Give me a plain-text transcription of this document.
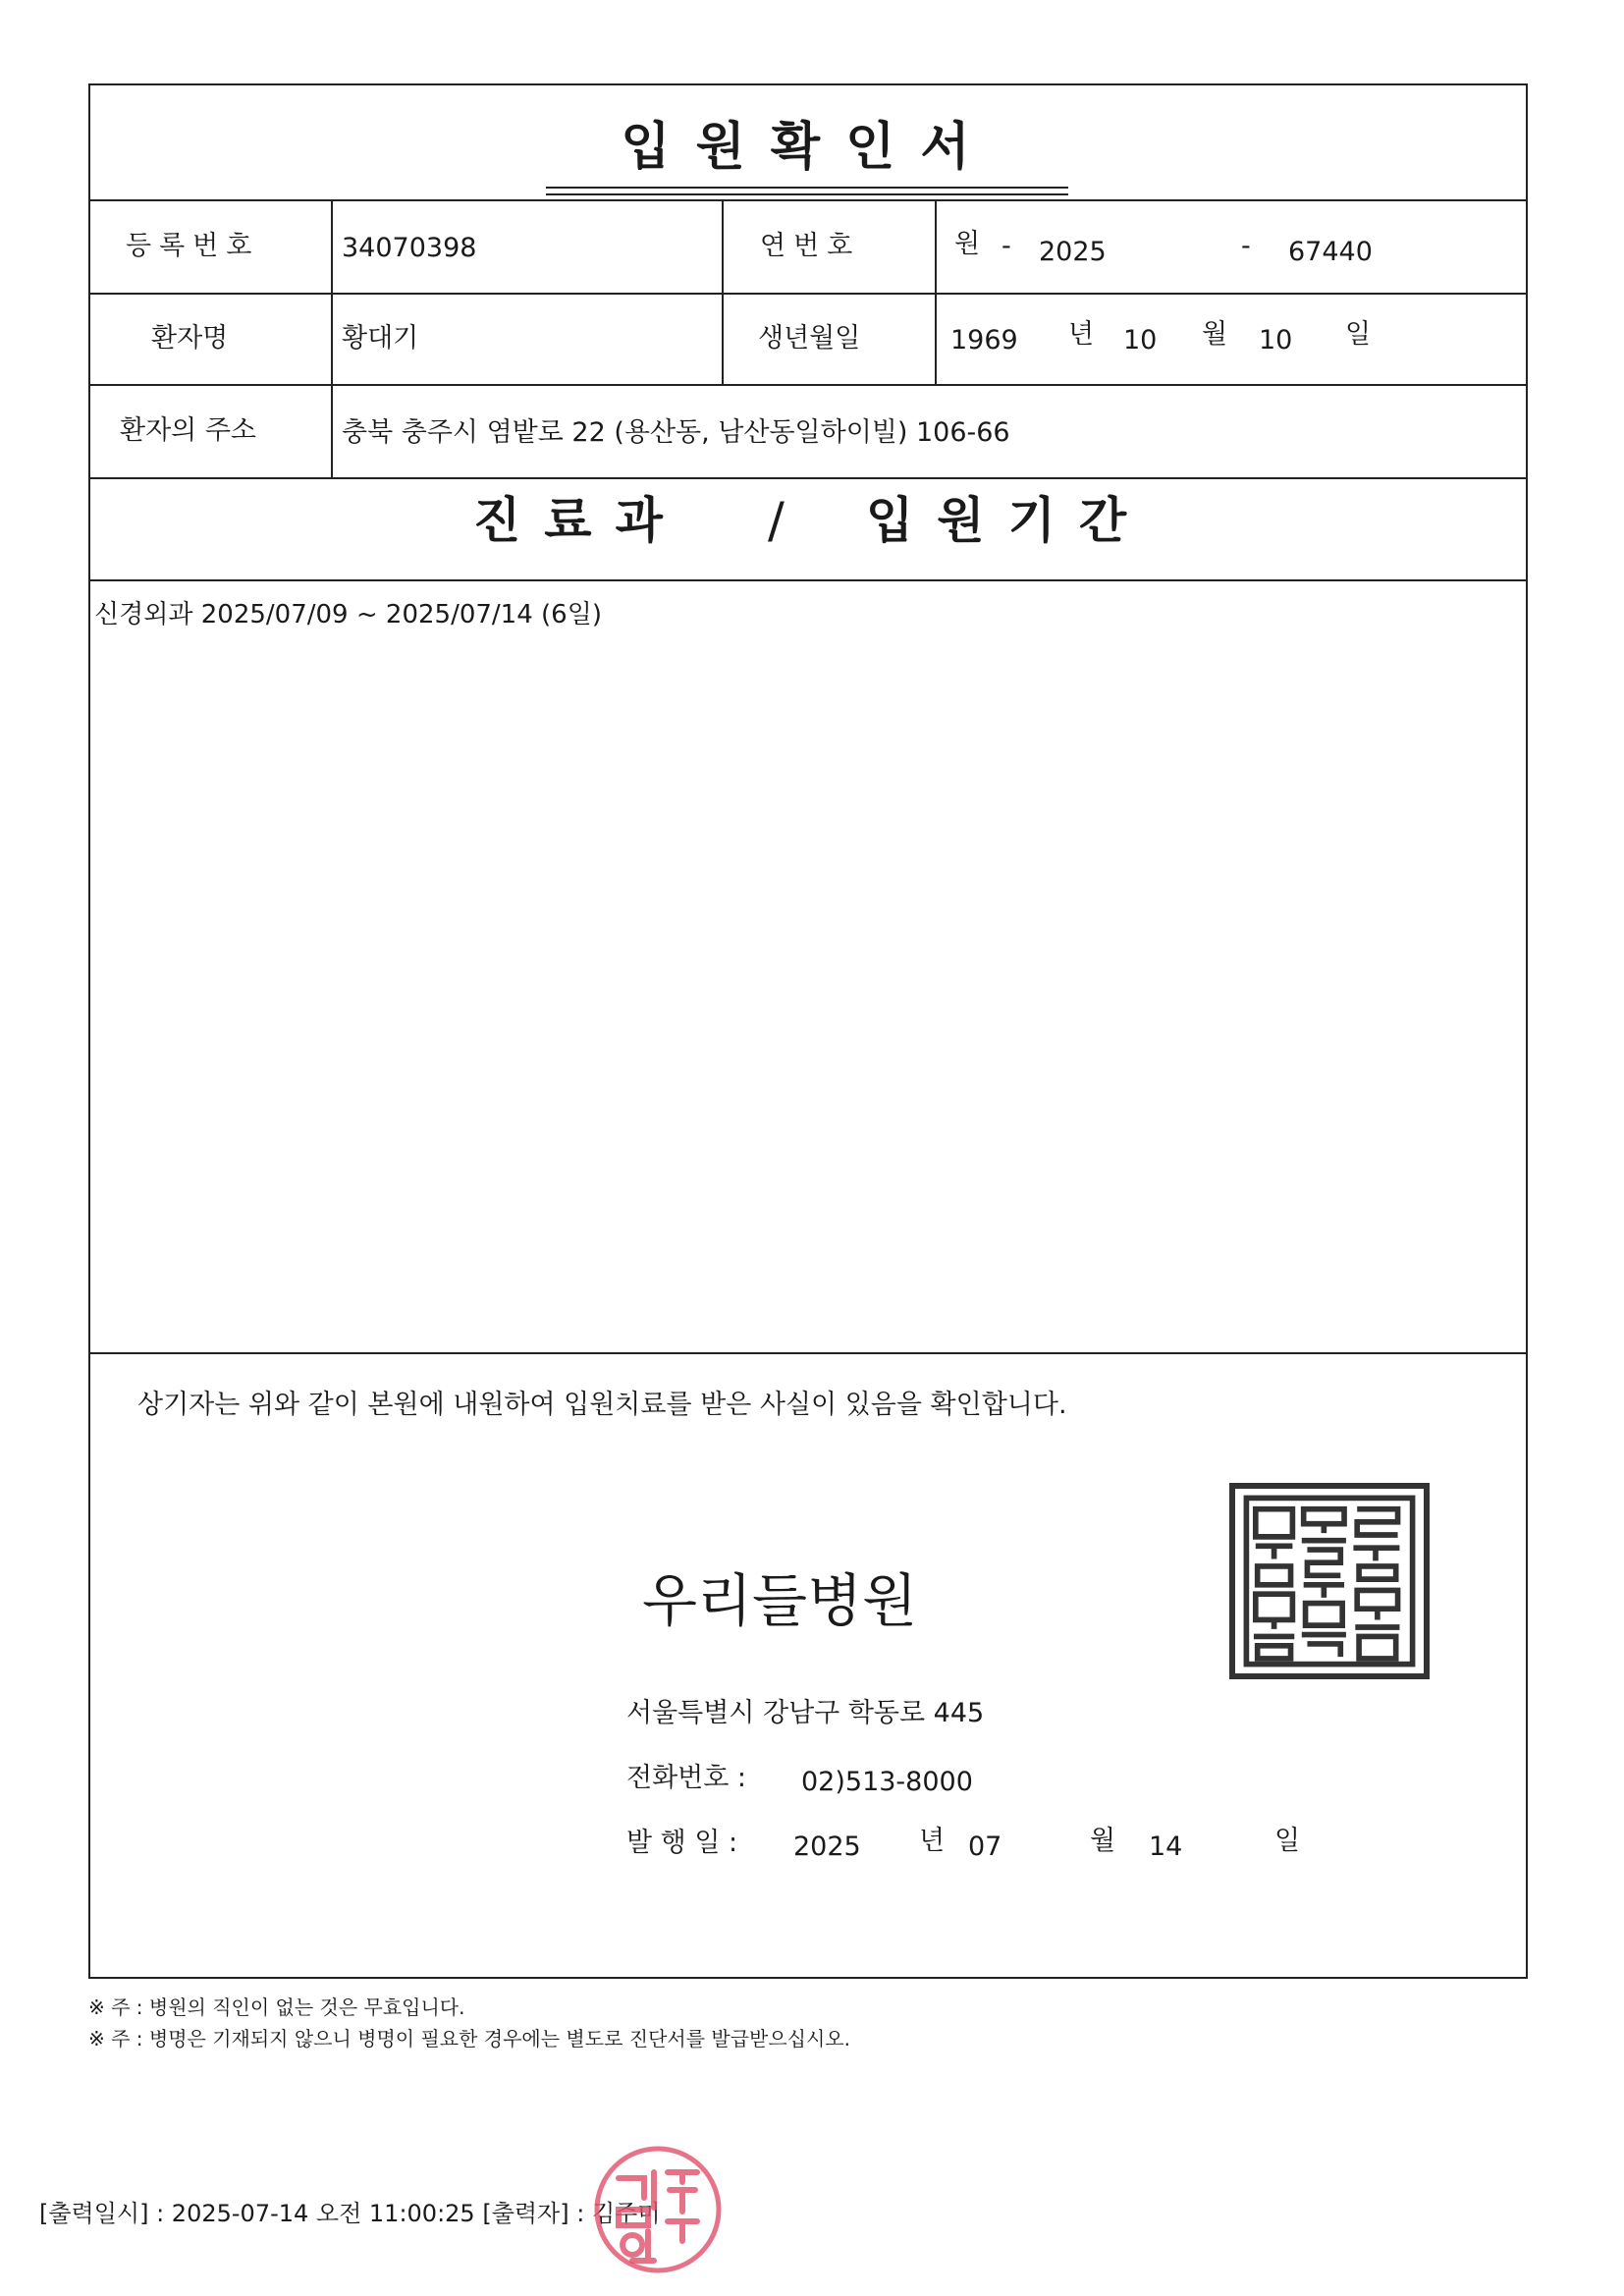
입원확인서
등록번호	34070398	연번호	원 - 2025	- 67440
환자명	황대기	생년월일	1969 년 10 월 10 일
환자의 주소	충북 충주시 염밭로 22 (용산동, 남산동일하이빌) 106-66
진료과 / 입원기간
신경외과 2025/07/09 ~ 2025/07/14 (6일)
상기자는 위와 같이 본원에 내원하여 입원치료를 받은 사실이 있음을 확인합니다.
우리들병원
서울특별시 강남구 학동로 445
전화번호 : 02)513-8000
발 행 일 : 2025 년 07	월 14	일
※ 주 : 병원의 직인이 없는 것은 무효입니다.
※ 주 : 병명은 기재되지 않으니 병명이 필요한 경우에는 별도로 진단서를 발급받으십시오.
[출력일시] : 2025-07-14 오전 11:00:25 [출력자] : 김주미
